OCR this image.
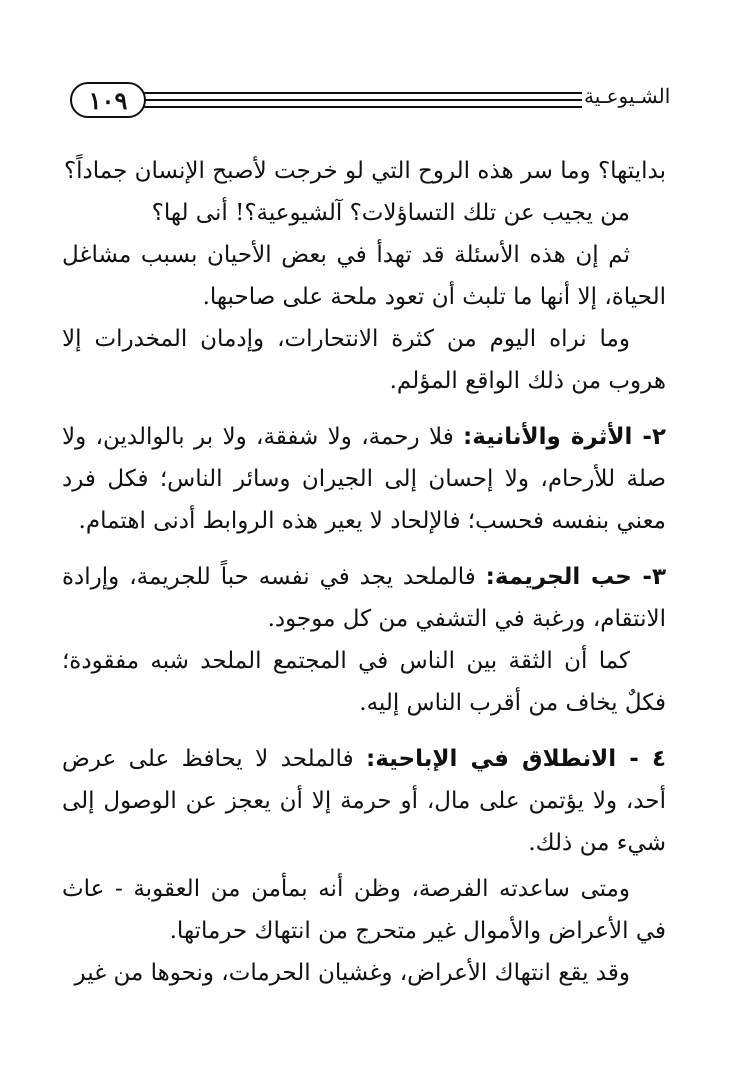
١٠٩	الشـيوعـية

بدايتها؟ وما سر هذه الروح التي لو خرجت لأصبح الإنسان جماداً؟

من يجيب عن تلك التساؤلات؟ آلشيوعية؟! أنى لها؟

ثم إن هذه الأسئلة قد تهدأ في بعض الأحيان بسبب مشاغل الحياة، إلا أنها ما تلبث أن تعود ملحة على صاحبها.

وما نراه اليوم من كثرة الانتحارات، وإدمان المخدرات إلا هروب من ذلك الواقع المؤلم.

٢- الأثرة والأنانية: فلا رحمة، ولا شفقة، ولا بر بالوالدين، ولا صلة للأرحام، ولا إحسان إلى الجيران وسائر الناس؛ فكل فرد معني بنفسه فحسب؛ فالإلحاد لا يعير هذه الروابط أدنى اهتمام.

٣- حب الجريمة: فالملحد يجد في نفسه حباً للجريمة، وإرادة الانتقام، ورغبة في التشفي من كل موجود.

كما أن الثقة بين الناس في المجتمع الملحد شبه مفقودة؛ فكلٌ يخاف من أقرب الناس إليه.

٤ - الانطلاق في الإباحية: فالملحد لا يحافظ على عرض أحد، ولا يؤتمن على مال، أو حرمة إلا أن يعجز عن الوصول إلى شيء من ذلك.

ومتى ساعدته الفرصة، وظن أنه بمأمن من العقوبة - عاث في الأعراض والأموال غير متحرج من انتهاك حرماتها.

وقد يقع انتهاك الأعراض، وغشيان الحرمات، ونحوها من غير
